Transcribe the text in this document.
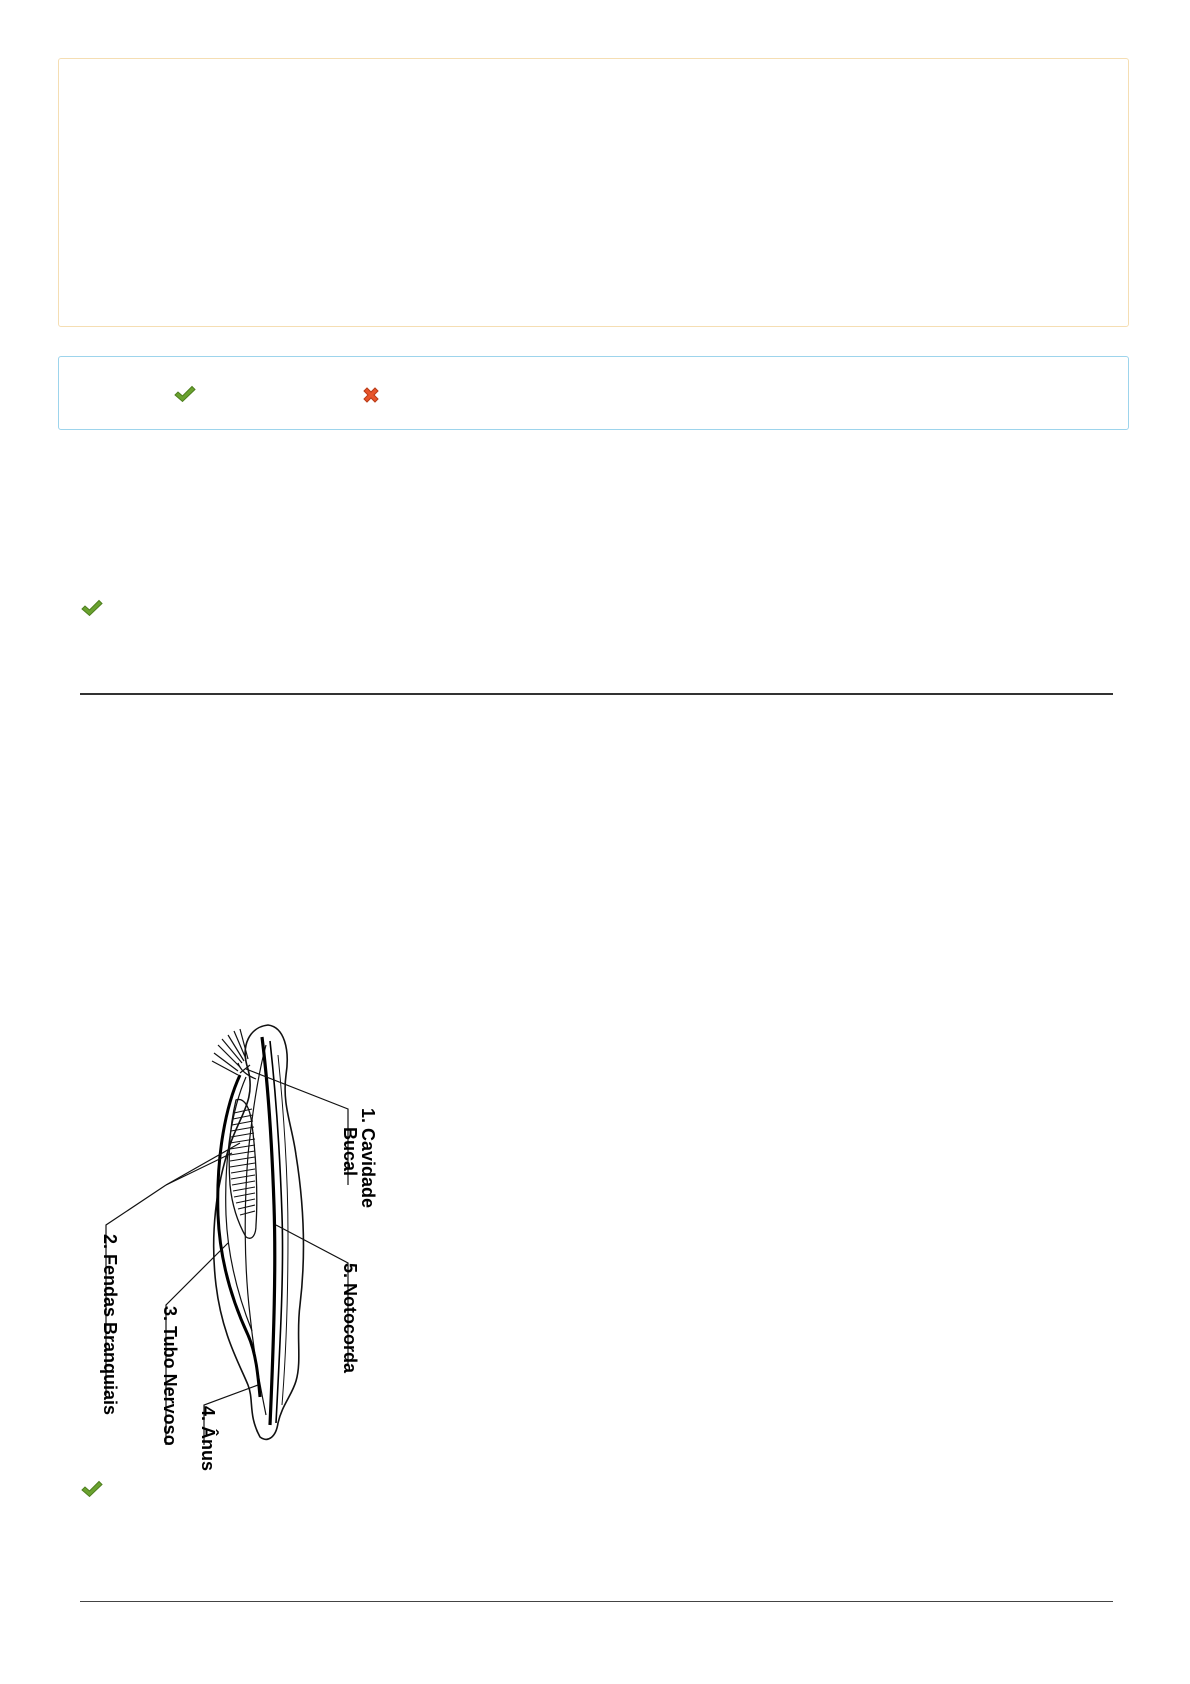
1. Cavidade
Bucal
2. Fendas Branquiais 3. Tubo Nervoso 4. Ânus
5. Notocorda
